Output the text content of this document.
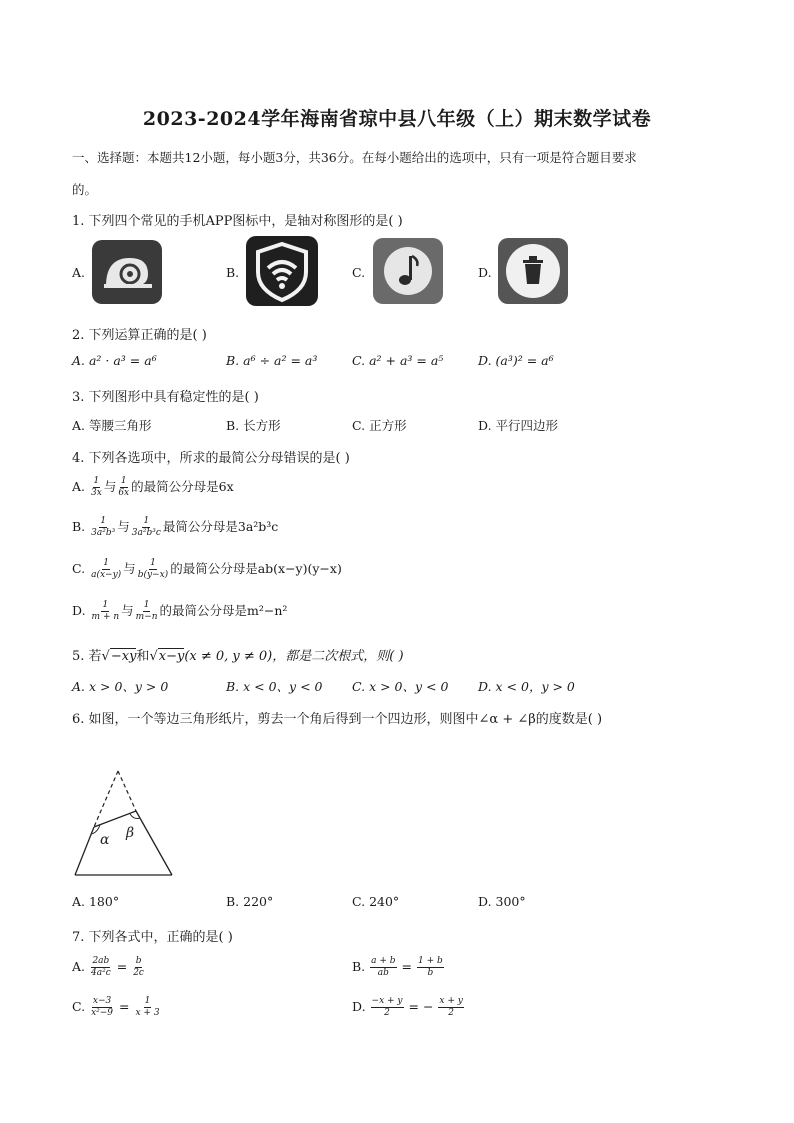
2023-2024学年海南省琼中县八年级（上）期末数学试卷
一、选择题：本题共12小题，每小题3分，共36分。在每小题给出的选项中，只有一项是符合题目要求
的。
1. 下列四个常见的手机APP图标中，是轴对称图形的是( )
A.	B.	C.	D.
2. 下列运算正确的是( )
A. a² · a³ = a⁶	B. a⁶ ÷ a² = a³	C. a² + a³ = a⁵	D. (a³)² = a⁶
3. 下列图形中具有稳定性的是( )
A. 等腰三角形	B. 长方形	C. 正方形	D. 平行四边形
4. 下列各选项中，所求的最简公分母错误的是( )
A. $\frac{1}{3x}$ 与 $\frac{1}{6x}$ 的最简公分母是6x
B. $\frac{1}{\text{3a²b³}}$ 与 $\frac{1}{\text{3a²b³c}}$ 最简公分母是3a²b³c
C. $\frac{1}{a(x-y)}$ 与 $\frac{1}{b(y-x)}$ 的最简公分母是ab(x−y)(y−x)
D. $\frac{1}{m + n}$ 与 $\frac{1}{m-n}$ 的最简公分母是m²−n²
5. 若√−xy和√x−y(x ≠ 0, y ≠ 0)，都是二次根式，则( )
A. x > 0、y > 0	B. x < 0、y < 0 C. x > 0、y < 0 D. x < 0，y > 0
6. 如图，一个等边三角形纸片，剪去一个角后得到一个四边形，则图中∠α + ∠β的度数是( )
α β
A. 180°	B. 220°	C. 240°	D. 300°
7. 下列各式中，正确的是( )
A. $\frac{2ab}{\text{4a²c}} = \frac{b}{2c}$	B. $\frac{a + b}{ab} = \frac{1 + b}{b}$
C. $\frac{x-3}{\text{x²−9}} = \frac{1}{x + 3}$	D. $\frac{-x + y}{2}$ = − $\frac{x + y}{2}$
